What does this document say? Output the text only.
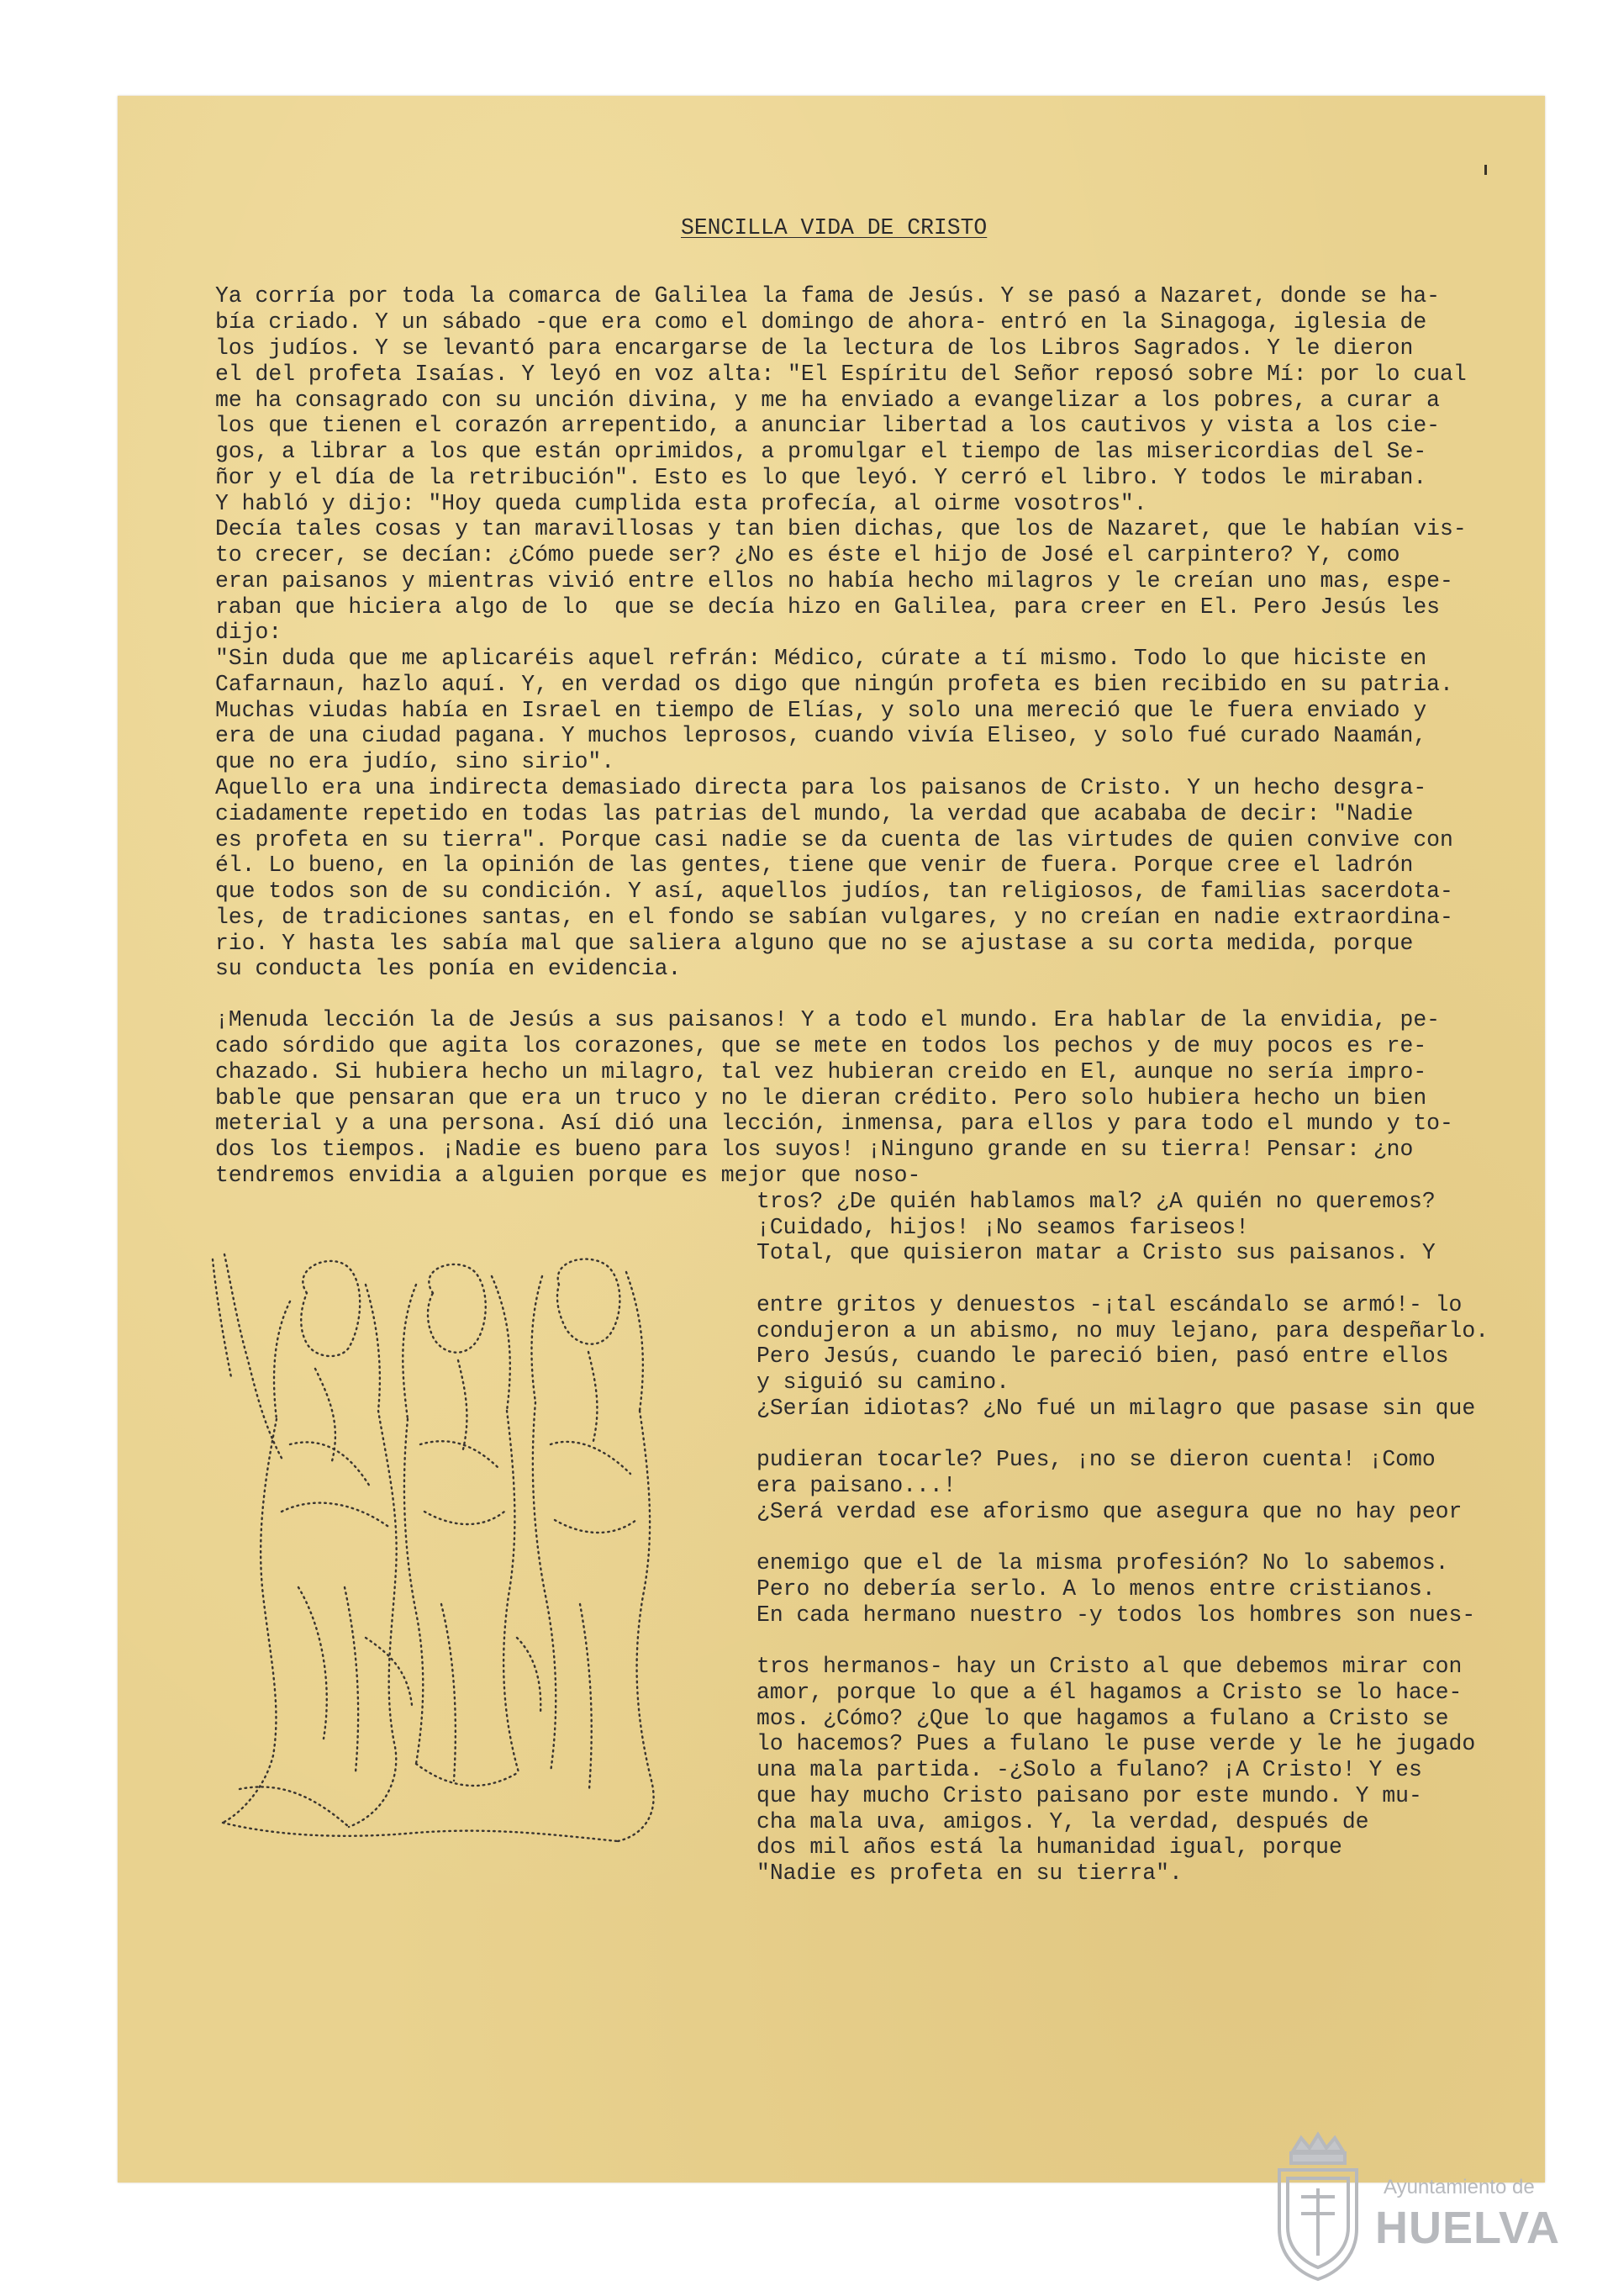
SENCILLA VIDA DE CRISTO
Ya corría por toda la comarca de Galilea la fama de Jesús. Y se pasó a Nazaret, donde se ha-
bía criado. Y un sábado -que era como el domingo de ahora- entró en la Sinagoga, iglesia de
los judíos. Y se levantó para encargarse de la lectura de los Libros Sagrados. Y le dieron
el del profeta Isaías. Y leyó en voz alta: "El Espíritu del Señor reposó sobre Mí: por lo cual
me ha consagrado con su unción divina, y me ha enviado a evangelizar a los pobres, a curar a
los que tienen el corazón arrepentido, a anunciar libertad a los cautivos y vista a los cie-
gos, a librar a los que están oprimidos, a promulgar el tiempo de las misericordias del Se-
ñor y el día de la retribución". Esto es lo que leyó. Y cerró el libro. Y todos le miraban.
Y habló y dijo: "Hoy queda cumplida esta profecía, al oirme vosotros".
Decía tales cosas y tan maravillosas y tan bien dichas, que los de Nazaret, que le habían vis-
to crecer, se decían: ¿Cómo puede ser? ¿No es éste el hijo de José el carpintero? Y, como
eran paisanos y mientras vivió entre ellos no había hecho milagros y le creían uno mas, espe-
raban que hiciera algo de lo  que se decía hizo en Galilea, para creer en El. Pero Jesús les
dijo:
"Sin duda que me aplicaréis aquel refrán: Médico, cúrate a tí mismo. Todo lo que hiciste en
Cafarnaun, hazlo aquí. Y, en verdad os digo que ningún profeta es bien recibido en su patria.
Muchas viudas había en Israel en tiempo de Elías, y solo una mereció que le fuera enviado y
era de una ciudad pagana. Y muchos leprosos, cuando vivía Eliseo, y solo fué curado Naamán,
que no era judío, sino sirio".
Aquello era una indirecta demasiado directa para los paisanos de Cristo. Y un hecho desgra-
ciadamente repetido en todas las patrias del mundo, la verdad que acababa de decir: "Nadie
es profeta en su tierra". Porque casi nadie se da cuenta de las virtudes de quien convive con
él. Lo bueno, en la opinión de las gentes, tiene que venir de fuera. Porque cree el ladrón
que todos son de su condición. Y así, aquellos judíos, tan religiosos, de familias sacerdota-
les, de tradiciones santas, en el fondo se sabían vulgares, y no creían en nadie extraordina-
rio. Y hasta les sabía mal que saliera alguno que no se ajustase a su corta medida, porque
su conducta les ponía en evidencia.
¡Menuda lección la de Jesús a sus paisanos! Y a todo el mundo. Era hablar de la envidia, pe-
cado sórdido que agita los corazones, que se mete en todos los pechos y de muy pocos es re-
chazado. Si hubiera hecho un milagro, tal vez hubieran creido en El, aunque no sería impro-
bable que pensaran que era un truco y no le dieran crédito. Pero solo hubiera hecho un bien
meterial y a una persona. Así dió una lección, inmensa, para ellos y para todo el mundo y to-
dos los tiempos. ¡Nadie es bueno para los suyos! ¡Ninguno grande en su tierra! Pensar: ¿no
tendremos envidia a alguien porque es mejor que noso-
tros? ¿De quién hablamos mal? ¿A quién no queremos?
¡Cuidado, hijos! ¡No seamos fariseos!
Total, que quisieron matar a Cristo sus paisanos. Y
entre gritos y denuestos -¡tal escándalo se armó!- lo
condujeron a un abismo, no muy lejano, para despeñarlo.
Pero Jesús, cuando le pareció bien, pasó entre ellos
y siguió su camino.
¿Serían idiotas? ¿No fué un milagro que pasase sin que
pudieran tocarle? Pues, ¡no se dieron cuenta! ¡Como
era paisano...!
¿Será verdad ese aforismo que asegura que no hay peor
enemigo que el de la misma profesión? No lo sabemos.
Pero no debería serlo. A lo menos entre cristianos.
En cada hermano nuestro -y todos los hombres son nues-
tros hermanos- hay un Cristo al que debemos mirar con
amor, porque lo que a él hagamos a Cristo se lo hace-
mos. ¿Cómo? ¿Que lo que hagamos a fulano a Cristo se
lo hacemos? Pues a fulano le puse verde y le he jugado
una mala partida. -¿Solo a fulano? ¡A Cristo! Y es
que hay mucho Cristo paisano por este mundo. Y mu-
cha mala uva, amigos. Y, la verdad, después de
dos mil años está la humanidad igual, porque
"Nadie es profeta en su tierra".
Ayuntamiento de
HUELVA
